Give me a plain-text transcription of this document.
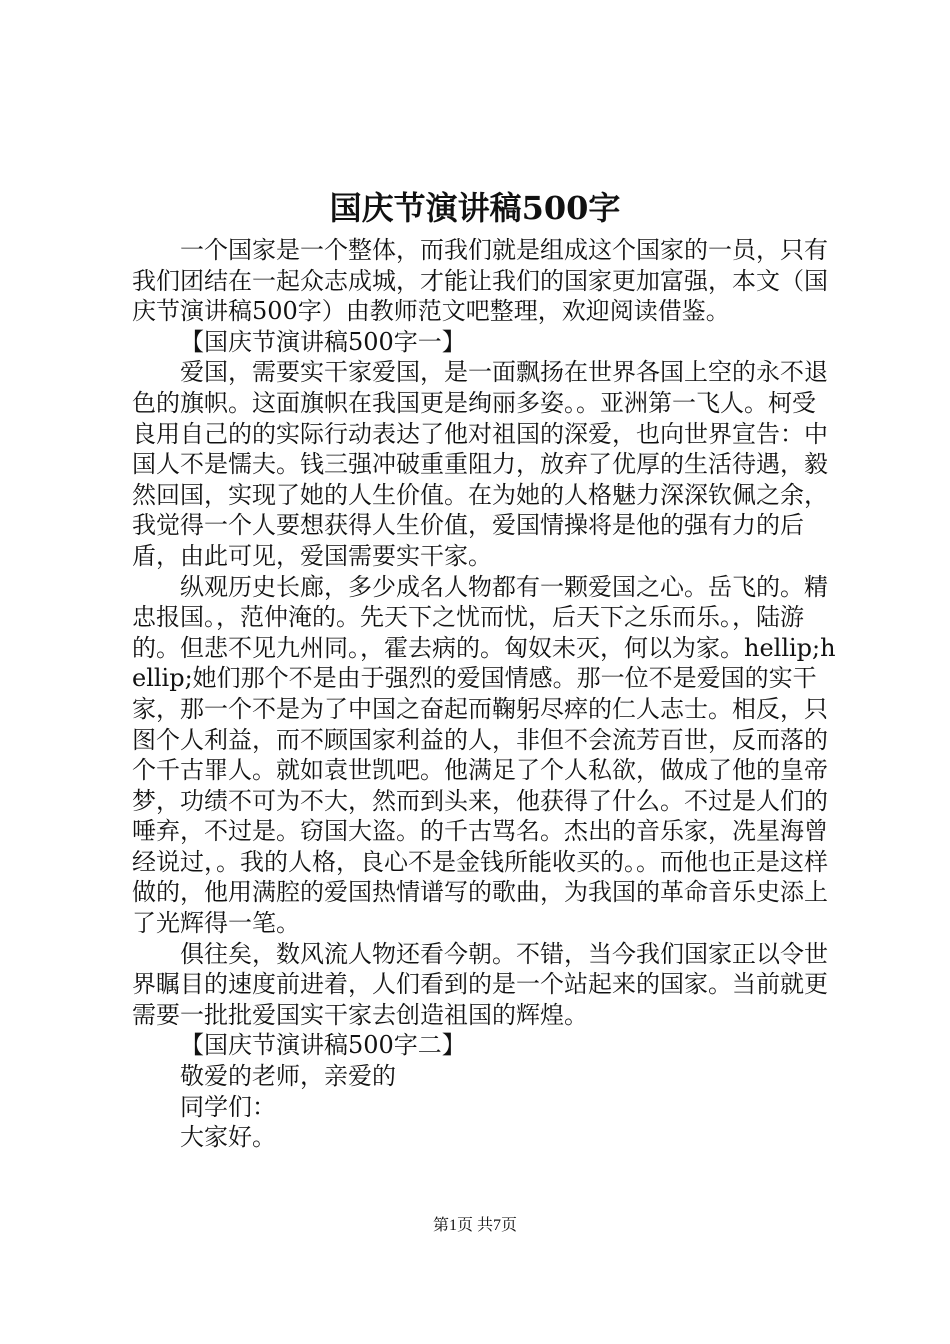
国庆节演讲稿500字

一个国家是一个整体，而我们就是组成这个国家的一员，只有我们团结在一起众志成城，才能让我们的国家更加富强，本文（国庆节演讲稿500字）由教师范文吧整理，欢迎阅读借鉴。

【国庆节演讲稿500字一】

爱国，需要实干家爱国，是一面飘扬在世界各国上空的永不退色的旗帜。这面旗帜在我国更是绚丽多姿。。亚洲第一飞人。柯受良用自己的的实际行动表达了他对祖国的深爱，也向世界宣告：中国人不是懦夫。钱三强冲破重重阻力，放弃了优厚的生活待遇，毅然回国，实现了她的人生价值。在为她的人格魅力深深钦佩之余，我觉得一个人要想获得人生价值，爱国情操将是他的强有力的后盾，由此可见，爱国需要实干家。

纵观历史长廊，多少成名人物都有一颗爱国之心。岳飞的。精忠报国。，范仲淹的。先天下之忧而忧，后天下之乐而乐。，陆游的。但悲不见九州同。，霍去病的。匈奴未灭，何以为家。hellip;hellip;她们那个不是由于强烈的爱国情感。那一位不是爱国的实干家，那一个不是为了中国之奋起而鞠躬尽瘁的仁人志士。相反，只图个人利益，而不顾国家利益的人，非但不会流芳百世，反而落的个千古罪人。就如袁世凯吧。他满足了个人私欲，做成了他的皇帝梦，功绩不可为不大，然而到头来，他获得了什么。不过是人们的唾弃，不过是。窃国大盗。的千古骂名。杰出的音乐家，冼星海曾经说过，。我的人格，良心不是金钱所能收买的。。而他也正是这样做的，他用满腔的爱国热情谱写的歌曲，为我国的革命音乐史添上了光辉得一笔。

俱往矣，数风流人物还看今朝。不错，当今我们国家正以令世界瞩目的速度前进着，人们看到的是一个站起来的国家。当前就更需要一批批爱国实干家去创造祖国的辉煌。

【国庆节演讲稿500字二】

敬爱的老师，亲爱的

同学们：

大家好。

第1页 共7页
